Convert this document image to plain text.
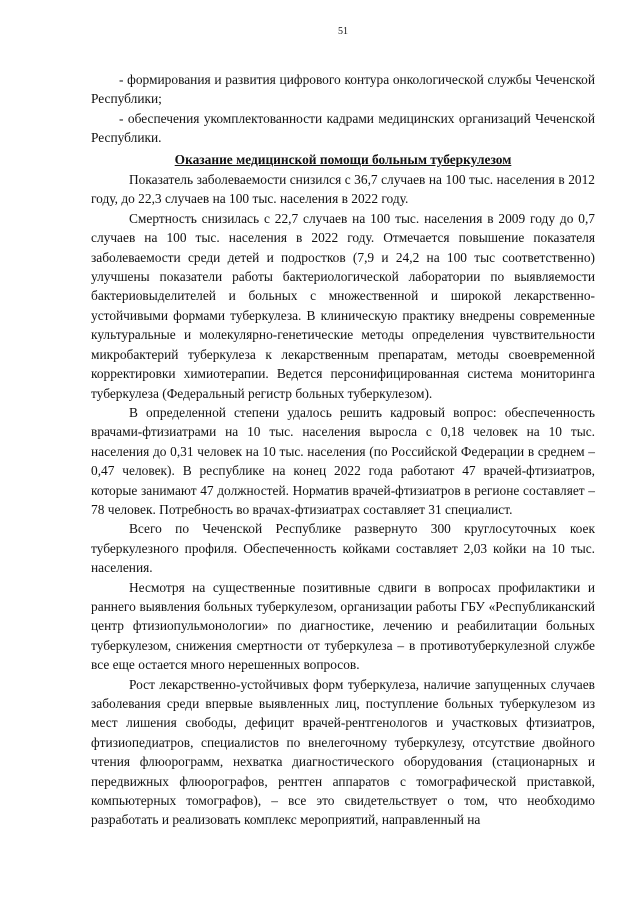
51

- формирования и развития цифрового контура онкологической службы Чеченской Республики;

- обеспечения укомплектованности кадрами медицинских организаций Чеченской Республики.

Оказание медицинской помощи больным туберкулезом

Показатель заболеваемости снизился с 36,7 случаев на 100 тыс. населения в 2012 году, до 22,3 случаев на 100 тыс. населения в 2022 году.

Смертность снизилась с 22,7 случаев на 100 тыс. населения в 2009 году до 0,7 случаев на 100 тыс. населения в 2022 году. Отмечается повышение показателя заболеваемости среди детей и подростков (7,9 и 24,2 на 100 тыс соответственно) улучшены показатели работы бактериологической лаборатории по выявляемости бактериовыделителей и больных с множественной и широкой лекарственно-устойчивыми формами туберкулеза. В клиническую практику внедрены современные культуральные и молекулярно-генетические методы определения чувствительности микробактерий туберкулеза к лекарственным препаратам, методы своевременной корректировки химиотерапии. Ведется персонифицированная система мониторинга туберкулеза (Федеральный регистр больных туберкулезом).

В определенной степени удалось решить кадровый вопрос: обеспеченность врачами-фтизиатрами на 10 тыс. населения выросла с 0,18 человек на 10 тыс. населения до 0,31 человек на 10 тыс. населения (по Российской Федерации в среднем – 0,47 человек). В республике на конец 2022 года работают 47 врачей-фтизиатров, которые занимают 47 должностей. Норматив врачей-фтизиатров в регионе составляет – 78 человек. Потребность во врачах-фтизиатрах составляет 31 специалист.

Всего по Чеченской Республике развернуто 300 круглосуточных коек туберкулезного профиля. Обеспеченность койками составляет 2,03 койки на 10 тыс. населения.

Несмотря на существенные позитивные сдвиги в вопросах профилактики и раннего выявления больных туберкулезом, организации работы ГБУ «Республиканский центр фтизиопульмонологии» по диагностике, лечению и реабилитации больных туберкулезом, снижения смертности от туберкулеза – в противотуберкулезной службе все еще остается много нерешенных вопросов.

Рост лекарственно-устойчивых форм туберкулеза, наличие запущенных случаев заболевания среди впервые выявленных лиц, поступление больных туберкулезом из мест лишения свободы, дефицит врачей-рентгенологов и участковых фтизиатров, фтизиопедиатров, специалистов по внелегочному туберкулезу, отсутствие двойного чтения флюорограмм, нехватка диагностического оборудования (стационарных и передвижных флюорографов, рентген аппаратов с томографической приставкой, компьютерных томографов), – все это свидетельствует о том, что необходимо разработать и реализовать комплекс мероприятий, направленный на
